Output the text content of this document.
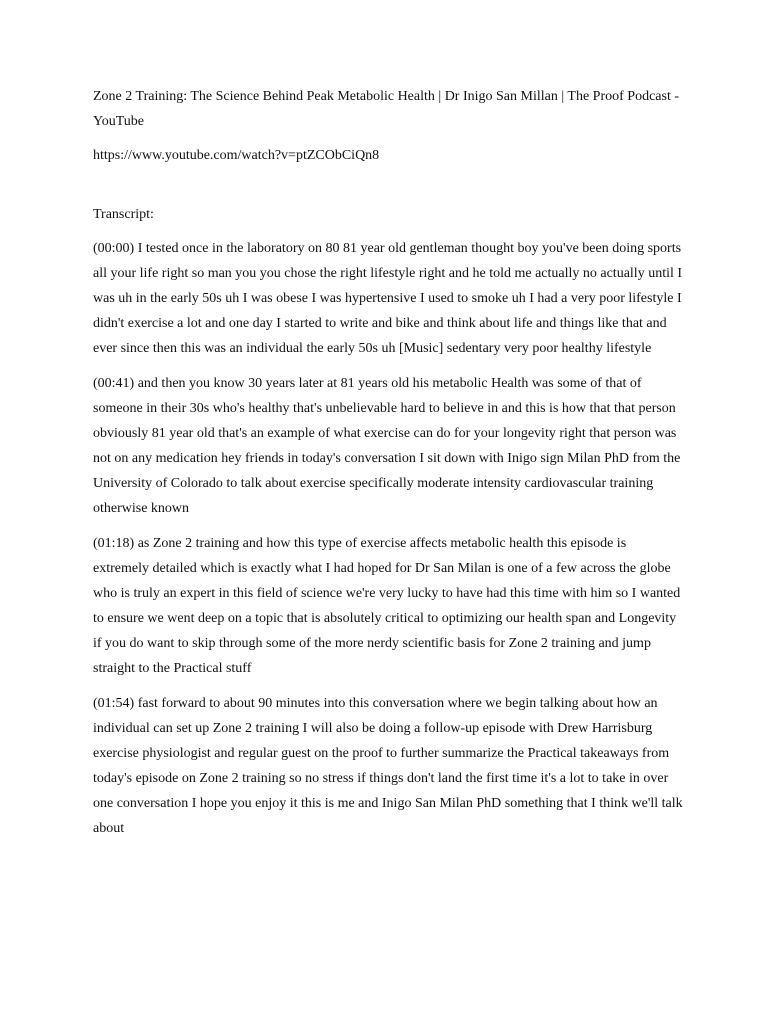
Zone 2 Training: The Science Behind Peak Metabolic Health | Dr Inigo San Millan | The Proof Podcast - YouTube

https://www.youtube.com/watch?v=ptZCObCiQn8

Transcript:

(00:00) I tested once in the laboratory on 80 81 year old gentleman thought boy you've been doing sports all your life right so man you you chose the right lifestyle right and he told me actually no actually until I was uh in the early 50s uh I was obese I was hypertensive I used to smoke uh I had a very poor lifestyle I didn't exercise a lot and one day I started to write and bike and think about life and things like that and ever since then this was an individual the early 50s uh [Music] sedentary very poor healthy lifestyle

(00:41) and then you know 30 years later at 81 years old his metabolic Health was some of that of someone in their 30s who's healthy that's unbelievable hard to believe in and this is how that that person obviously 81 year old that's an example of what exercise can do for your longevity right that person was not on any medication hey friends in today's conversation I sit down with Inigo sign Milan PhD from the University of Colorado to talk about exercise specifically moderate intensity cardiovascular training otherwise known

(01:18) as Zone 2 training and how this type of exercise affects metabolic health this episode is extremely detailed which is exactly what I had hoped for Dr San Milan is one of a few across the globe who is truly an expert in this field of science we're very lucky to have had this time with him so I wanted to ensure we went deep on a topic that is absolutely critical to optimizing our health span and Longevity if you do want to skip through some of the more nerdy scientific basis for Zone 2 training and jump straight to the Practical stuff

(01:54) fast forward to about 90 minutes into this conversation where we begin talking about how an individual can set up Zone 2 training I will also be doing a follow-up episode with Drew Harrisburg exercise physiologist and regular guest on the proof to further summarize the Practical takeaways from today's episode on Zone 2 training so no stress if things don't land the first time it's a lot to take in over one conversation I hope you enjoy it this is me and Inigo San Milan PhD something that I think we'll talk about
